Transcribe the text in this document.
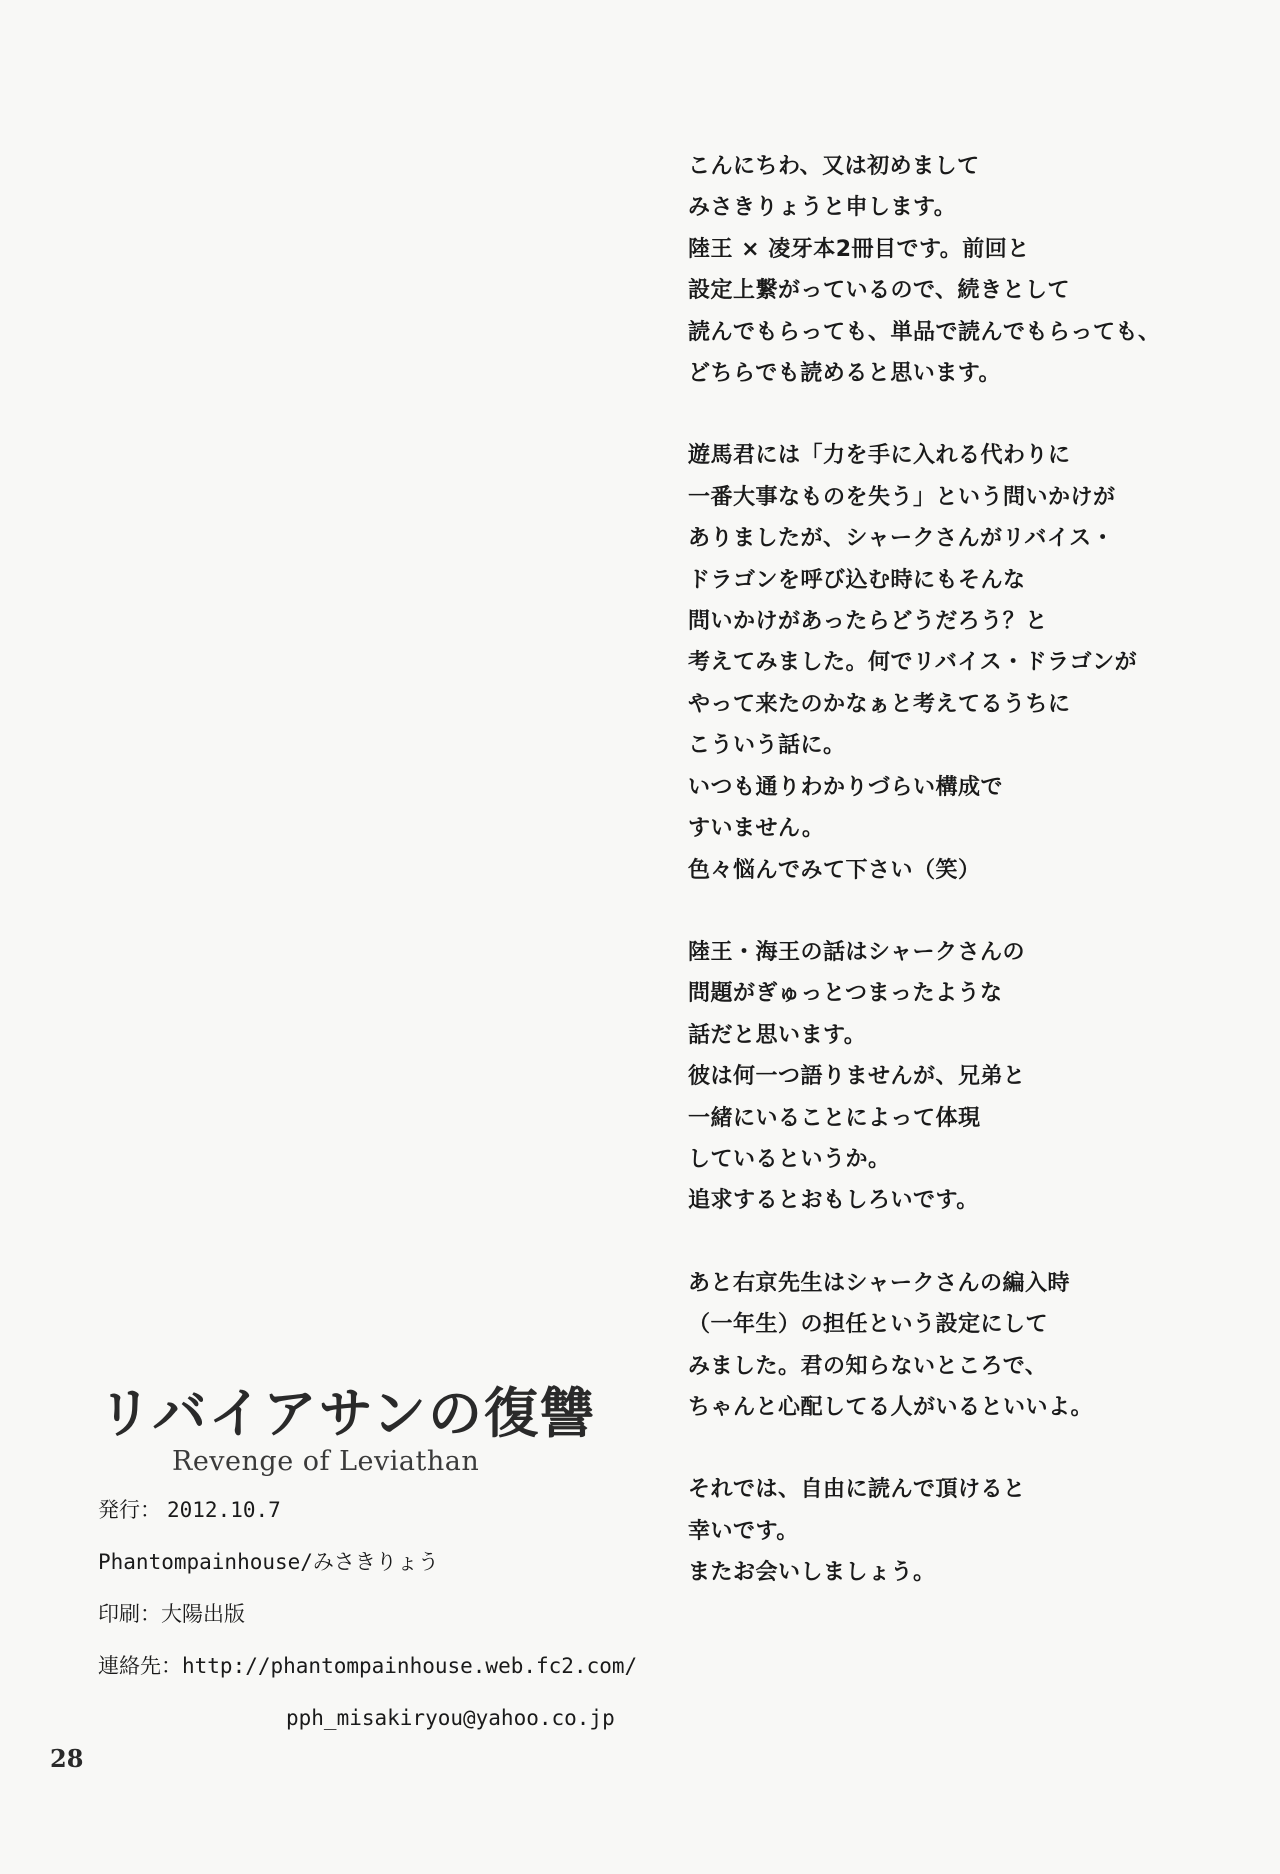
こんにちわ、又は初めまして
みさきりょうと申します。
陸王 × 凌牙本2冊目です。前回と
設定上繋がっているので、続きとして
読んでもらっても、単品で読んでもらっても、
どちらでも読めると思います。
遊馬君には「力を手に入れる代わりに
一番大事なものを失う」という問いかけが
ありましたが、シャークさんがリバイス・
ドラゴンを呼び込む時にもそんな
問いかけがあったらどうだろう？と
考えてみました。何でリバイス・ドラゴンが
やって来たのかなぁと考えてるうちに
こういう話に。
いつも通りわかりづらい構成で
すいません。
色々悩んでみて下さい（笑）
陸王・海王の話はシャークさんの
問題がぎゅっとつまったような
話だと思います。
彼は何一つ語りませんが、兄弟と
一緒にいることによって体現
しているというか。
追求するとおもしろいです。
あと右京先生はシャークさんの編入時
（一年生）の担任という設定にして
みました。君の知らないところで、
ちゃんと心配してる人がいるといいよ。
それでは、自由に読んで頂けると
幸いです。
またお会いしましょう。
リバイアサンの復讐
Revenge of Leviathan
発行： 2012.10.7
Phantompainhouse/みさきりょう
印刷：大陽出版
連絡先：http://phantompainhouse.web.fc2.com/
pph_misakiryou@yahoo.co.jp
28
